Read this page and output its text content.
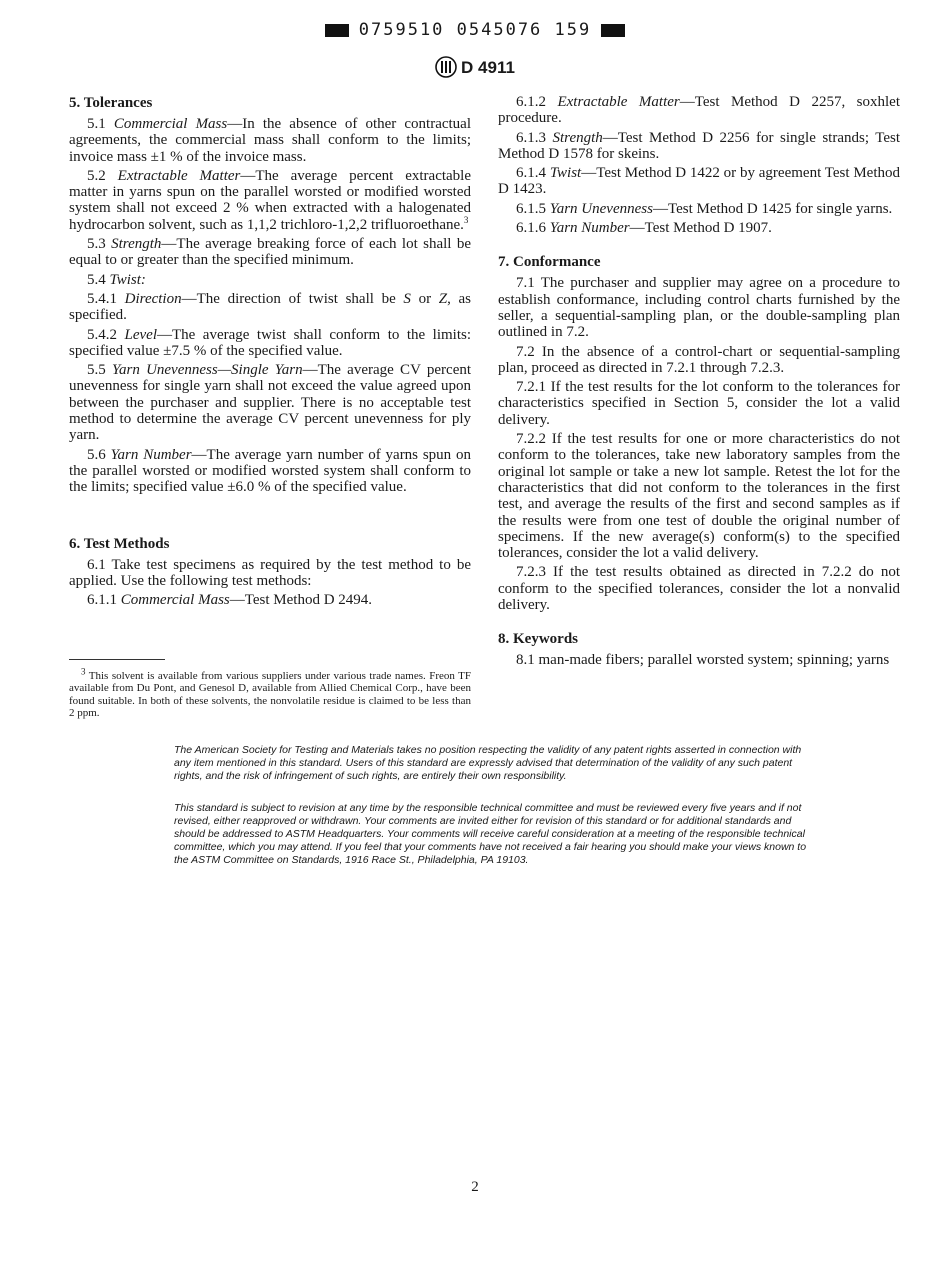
0759510 0545076 159
D 4911
5. Tolerances

5.1 Commercial Mass—In the absence of other contractual agreements, the commercial mass shall conform to the limits; invoice mass ±1 % of the invoice mass.

5.2 Extractable Matter—The average percent extractable matter in yarns spun on the parallel worsted or modified worsted system shall not exceed 2 % when extracted with a halogenated hydrocarbon solvent, such as 1,1,2 trichloro-1,2,2 trifluoroethane.$^3$

5.3 Strength—The average breaking force of each lot shall be equal to or greater than the specified minimum.

5.4 Twist:

5.4.1 Direction—The direction of twist shall be S or Z, as specified.

5.4.2 Level—The average twist shall conform to the limits: specified value ±7.5 % of the specified value.

5.5 Yarn Unevenness—Single Yarn—The average CV percent unevenness for single yarn shall not exceed the value agreed upon between the purchaser and supplier. There is no acceptable test method to determine the average CV percent unevenness for ply yarn.

5.6 Yarn Number—The average yarn number of yarns spun on the parallel worsted or modified worsted system shall conform to the limits; specified value ±6.0 % of the specified value.

6. Test Methods

6.1 Take test specimens as required by the test method to be applied. Use the following test methods:

6.1.1 Commercial Mass—Test Method D 2494.

$^3$ This solvent is available from various suppliers under various trade names. Freon TF available from Du Pont, and Genesol D, available from Allied Chemical Corp., have been found suitable. In both of these solvents, the nonvolatile residue is claimed to be less than 2 ppm.

6.1.2 Extractable Matter—Test Method D 2257, soxhlet procedure.

6.1.3 Strength—Test Method D 2256 for single strands; Test Method D 1578 for skeins.

6.1.4 Twist—Test Method D 1422 or by agreement Test Method D 1423.

6.1.5 Yarn Unevenness—Test Method D 1425 for single yarns.

6.1.6 Yarn Number—Test Method D 1907.

7. Conformance

7.1 The purchaser and supplier may agree on a procedure to establish conformance, including control charts furnished by the seller, a sequential-sampling plan, or the double-sampling plan outlined in 7.2.

7.2 In the absence of a control-chart or sequential-sampling plan, proceed as directed in 7.2.1 through 7.2.3.

7.2.1 If the test results for the lot conform to the tolerances for characteristics specified in Section 5, consider the lot a valid delivery.

7.2.2 If the test results for one or more characteristics do not conform to the tolerances, take new laboratory samples from the original lot sample or take a new lot sample. Retest the lot for the characteristics that did not conform to the tolerances in the first test, and average the results of the first and second samples as if the results were from one test of double the original number of specimens. If the new average(s) conform(s) to the specified tolerances, consider the lot a valid delivery.

7.2.3 If the test results obtained as directed in 7.2.2 do not conform to the specified tolerances, consider the lot a nonvalid delivery.

8. Keywords

8.1 man-made fibers; parallel worsted system; spinning; yarns

The American Society for Testing and Materials takes no position respecting the validity of any patent rights asserted in connection with any item mentioned in this standard. Users of this standard are expressly advised that determination of the validity of any such patent rights, and the risk of infringement of such rights, are entirely their own responsibility.
This standard is subject to revision at any time by the responsible technical committee and must be reviewed every five years and if not revised, either reapproved or withdrawn. Your comments are invited either for revision of this standard or for additional standards and should be addressed to ASTM Headquarters. Your comments will receive careful consideration at a meeting of the responsible technical committee, which you may attend. If you feel that your comments have not received a fair hearing you should make your views known to the ASTM Committee on Standards, 1916 Race St., Philadelphia, PA 19103.
2
